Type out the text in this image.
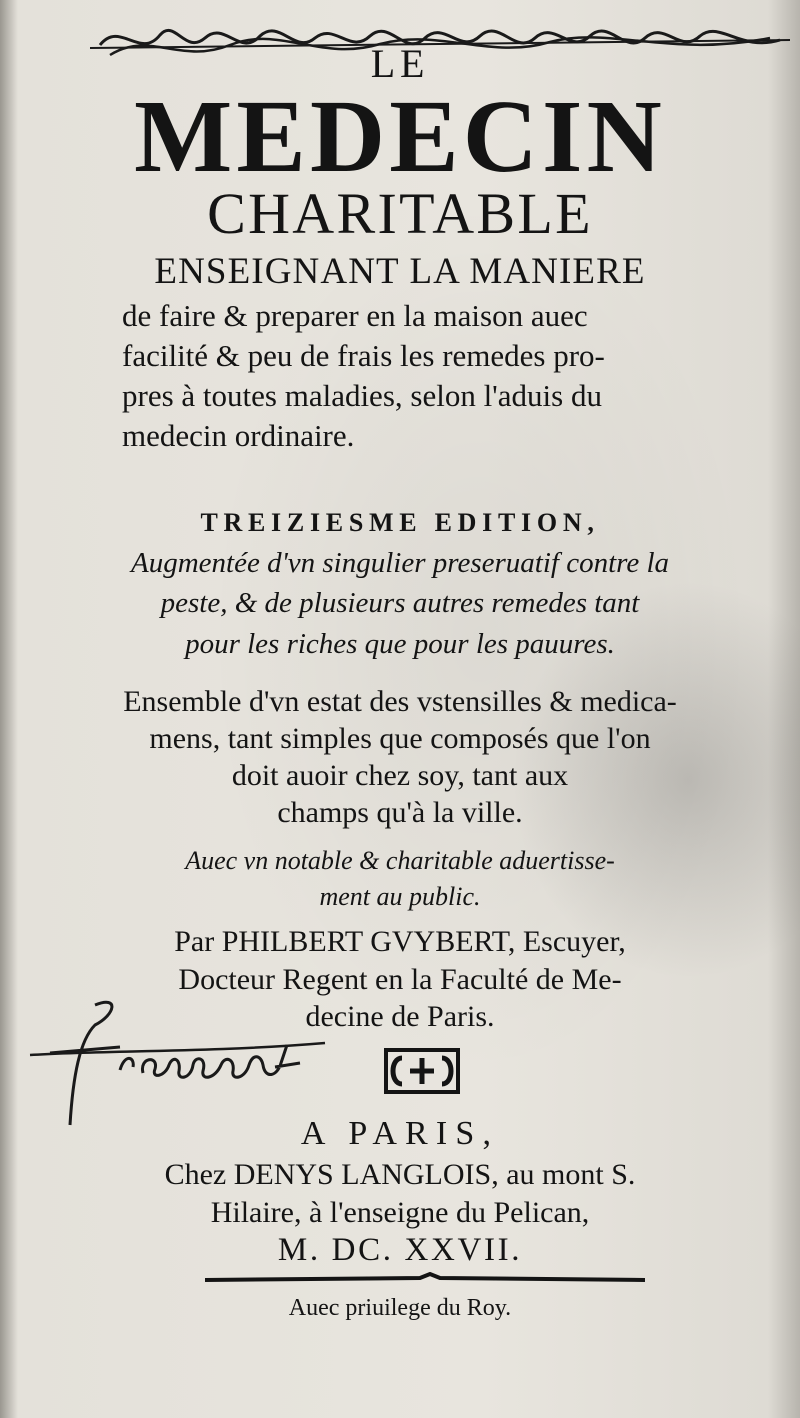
LE
MEDECIN
CHARITABLE
ENSEIGNANT LA MANIERE
de faire & preparer en la maison auec
facilité & peu de frais les remedes pro-
pres à toutes maladies, selon l'aduis du
medecin ordinaire.
TREIZIESME EDITION,
Augmentée d'vn singulier preseruatif contre la
peste, & de plusieurs autres remedes tant
pour les riches que pour les pauures.
Ensemble d'vn estat des vstensilles & medica-
mens, tant simples que composés que l'on
doit auoir chez soy, tant aux
champs qu'à la ville.
Auec vn notable & charitable aduertisse-
ment au public.
Par PHILBERT GVYBERT, Escuyer,
Docteur Regent en la Faculté de Me-
decine de Paris.
A PARIS,
Chez DENYS LANGLOIS, au mont S.
Hilaire, à l'enseigne du Pelican,
M. DC. XXVII.
Auec priuilege du Roy.
